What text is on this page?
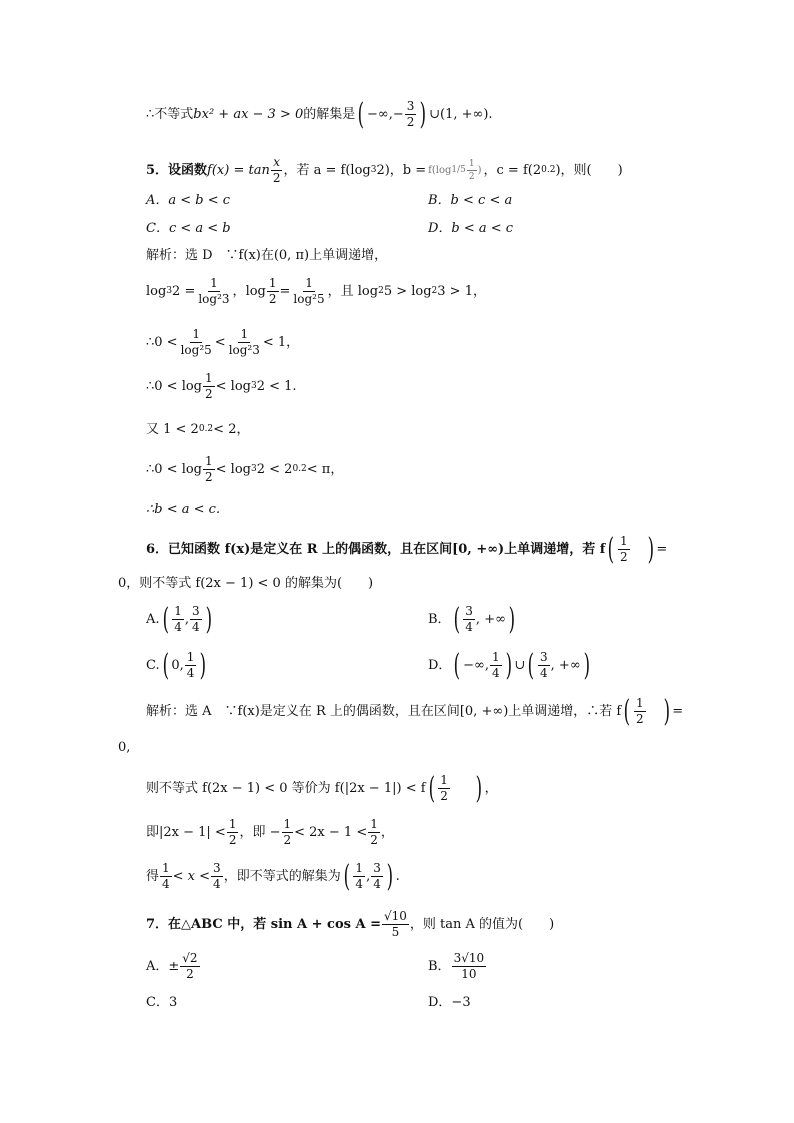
∴ 不等式 bx² + ax − 3 > 0 的解集是 ( −∞, − $\frac{3}{2}$ ) ∪(1, +∞).
5．设函数 $f(x) = \tan \frac{x}{2}$ ，若 a = f(log 3 2)，b = f(log $1/5 \frac{1}{2}$ ) ，c = f(2 0.2 )，则(　　)
A．a < b < c	B．b < c < a
C．c < a < b	D．b < a < c
解析：选 D　∵f(x)在(0, π)上单调递增，
log 3 $2 = \frac{1}{\text{log²3}}$ ， $\log \frac{1}{2} = \frac{1}{\text{log²5}}$ ，且 log 2 5 > log 2 3 > 1，
∴0 < $\frac{1}{\text{log²5}} < \frac{1}{\text{log²3}} < 1$，
∴0 < $\log \frac{1}{2} < \log 3$ 2 < 1.
又 1 < 2 0.2 < 2，
∴0 < $\log \frac{1}{2} < \log 3$ 2 < 2 0.2 < π，
∴b < a < c.
6．已知函数 f(x)是定义在 R 上的偶函数，且在区间[0, +∞)上单调递增，若 f ( $\frac{1}{2}$ ) =
0，则不等式 f(2x − 1) < 0 的解集为(　　)
A. ( $\frac{1}{4}$ , $\frac{3}{4}$ )	B． ( $\frac{3}{4}$ ,
+∞ )
C. ( 0, $\frac{1}{4}$ )	D． ( −∞, $\frac{1}{4}$ ) ∪ ( $\frac{3}{4}$ ,
+∞ )
解析：选 A　∵f(x)是定义在 R 上的偶函数，且在区间[0, +∞)上单调递增，∴若 f ( $\frac{1}{2}$ ) =
0,
则不等式 f(2x − 1) < 0 等价为 f(|2x − 1|) < f ( $\frac{1}{2}$ ) ，
即$|2x - 1| < \frac{1}{2}$ ，即 − $\frac{1}{2} < 2x - 1 < \frac{1}{2}$ ，
得 $\frac{1}{4} < x < \frac{3}{4}$ ，即不等式的解集为 ( $\frac{1}{4}$ , $\frac{3}{4}$ ) .
7．在△ABC 中，若 $\sin A + \cos A = \frac{√10}{5}$ ，则 tan A 的值为(　　)
A．± $\frac{√2}{2}$	B． $\frac{3√10}{10}$
C．3	D．−3
